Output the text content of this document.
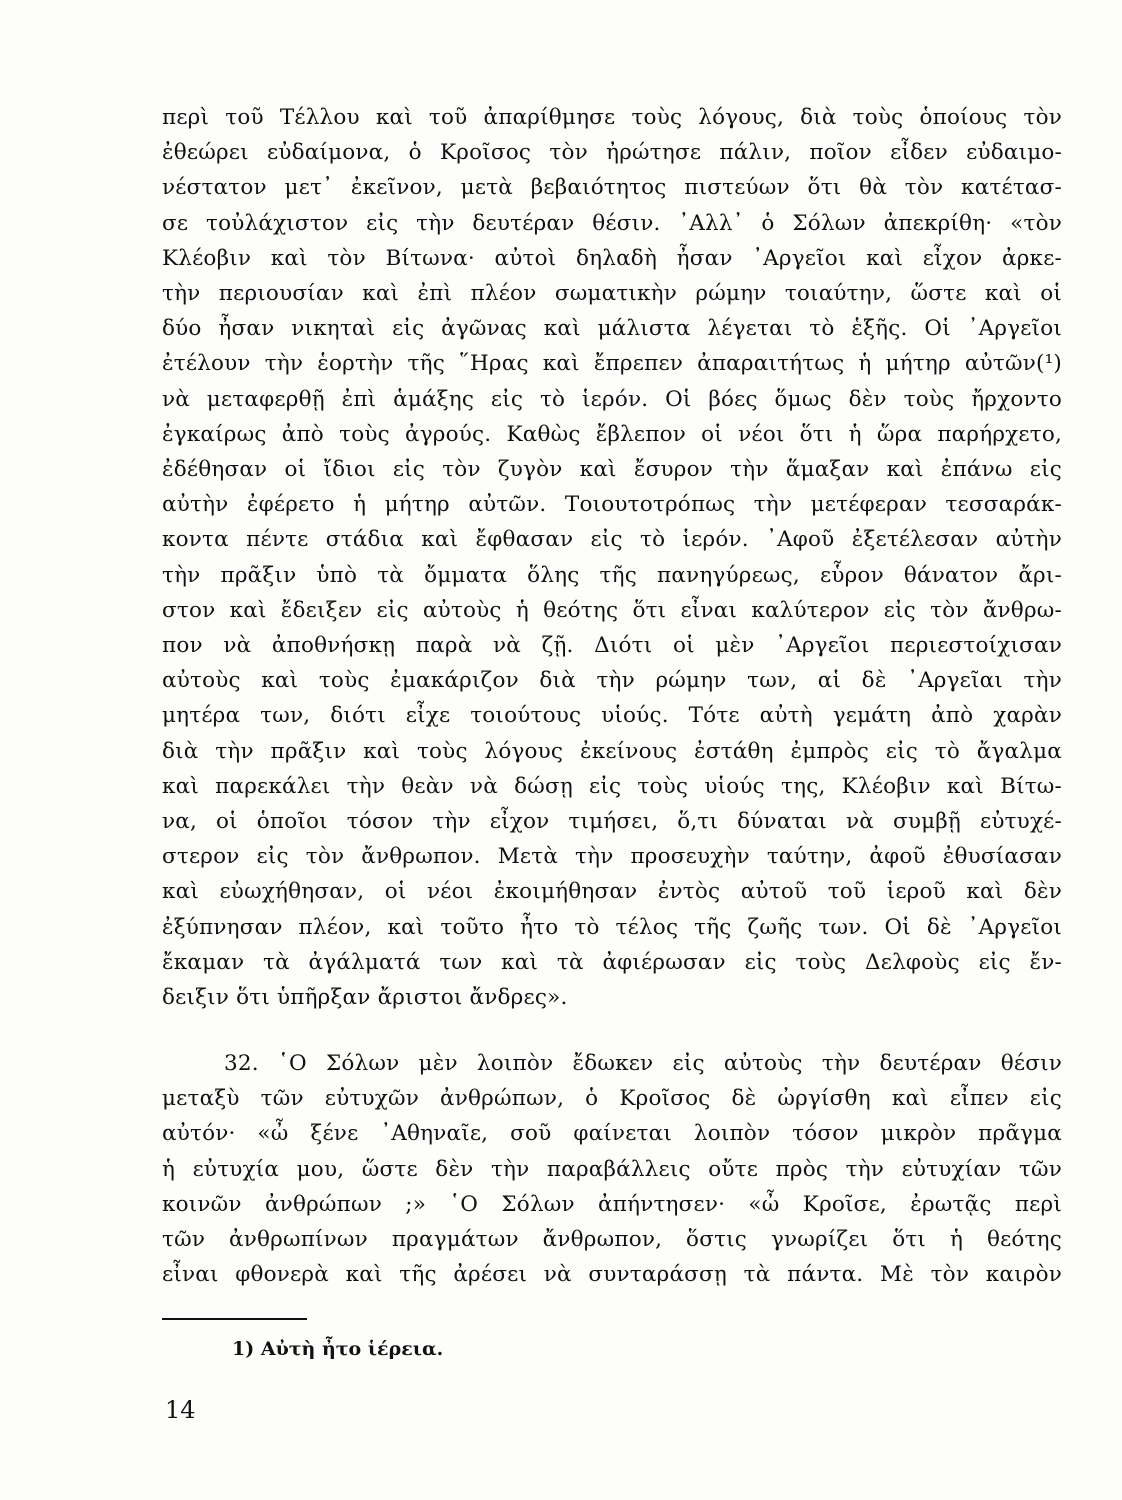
περὶ τοῦ Τέλλου καὶ τοῦ ἀπαρίθμησε τοὺς λόγους, διὰ τοὺς ὁποίους τὸν
ἐθεώρει εὐδαίμονα, ὁ Κροῖσος τὸν ἠρώτησε πάλιν, ποῖον εἶδεν εὐδαιμο-
νέστατον μετ᾿ ἐκεῖνον, μετὰ βεβαιότητος πιστεύων ὅτι θὰ τὸν κατέτασ-
σε τοὐλάχιστον εἰς τὴν δευτέραν θέσιν. ᾿Αλλ᾿ ὁ Σόλων ἀπεκρίθη· «τὸν
Κλέοβιν καὶ τὸν Βίτωνα· αὐτοὶ δηλαδὴ ἦσαν ᾿Αργεῖοι καὶ εἶχον ἀρκε-
τὴν περιουσίαν καὶ ἐπὶ πλέον σωματικὴν ρώμην τοιαύτην, ὥστε καὶ οἱ
δύο ἦσαν νικηταὶ εἰς ἀγῶνας καὶ μάλιστα λέγεται τὸ ἑξῆς. Οἱ ᾿Αργεῖοι
ἐτέλουν τὴν ἑορτὴν τῆς ῞Ηρας καὶ ἔπρεπεν ἀπαραιτήτως ἡ μήτηρ αὐτῶν(¹)
νὰ μεταφερθῇ ἐπὶ ἁμάξης εἰς τὸ ἱερόν. Οἱ βόες ὅμως δὲν τοὺς ἤρχοντο
ἐγκαίρως ἀπὸ τοὺς ἀγρούς. Καθὼς ἔβλεπον οἱ νέοι ὅτι ἡ ὥρα παρήρχετο,
ἐδέθησαν οἱ ἴδιοι εἰς τὸν ζυγὸν καὶ ἔσυρον τὴν ἅμαξαν καὶ ἐπάνω εἰς
αὐτὴν ἐφέρετο ἡ μήτηρ αὐτῶν. Τοιουτοτρόπως τὴν μετέφεραν τεσσαράκ-
κοντα πέντε στάδια καὶ ἔφθασαν εἰς τὸ ἱερόν. ᾿Αφοῦ ἐξετέλεσαν αὐτὴν
τὴν πρᾶξιν ὑπὸ τὰ ὄμματα ὅλης τῆς πανηγύρεως, εὗρον θάνατον ἄρι-
στον καὶ ἔδειξεν εἰς αὐτοὺς ἡ θεότης ὅτι εἶναι καλύτερον εἰς τὸν ἄνθρω-
πον νὰ ἀποθνήσκῃ παρὰ νὰ ζῇ. Διότι οἱ μὲν ᾿Αργεῖοι περιεστοίχισαν
αὐτοὺς καὶ τοὺς ἐμακάριζον διὰ τὴν ρώμην των, αἱ δὲ ᾿Αργεῖαι τὴν
μητέρα των, διότι εἶχε τοιούτους υἱούς. Τότε αὐτὴ γεμάτη ἀπὸ χαρὰν
διὰ τὴν πρᾶξιν καὶ τοὺς λόγους ἐκείνους ἐστάθη ἐμπρὸς εἰς τὸ ἄγαλμα
καὶ παρεκάλει τὴν θεὰν νὰ δώσῃ εἰς τοὺς υἱούς της, Κλέοβιν καὶ Βίτω-
να, οἱ ὁποῖοι τόσον τὴν εἶχον τιμήσει, ὅ,τι δύναται νὰ συμβῇ εὐτυχέ-
στερον εἰς τὸν ἄνθρωπον. Μετὰ τὴν προσευχὴν ταύτην, ἀφοῦ ἐθυσίασαν
καὶ εὐωχήθησαν, οἱ νέοι ἐκοιμήθησαν ἐντὸς αὐτοῦ τοῦ ἱεροῦ καὶ δὲν
ἐξύπνησαν πλέον, καὶ τοῦτο ἦτο τὸ τέλος τῆς ζωῆς των. Οἱ δὲ ᾿Αργεῖοι
ἔκαμαν τὰ ἀγάλματά των καὶ τὰ ἀφιέρωσαν εἰς τοὺς Δελφοὺς εἰς ἔν-
δειξιν ὅτι ὑπῆρξαν ἄριστοι ἄνδρες».
32. ῾Ο Σόλων μὲν λοιπὸν ἔδωκεν εἰς αὐτοὺς τὴν δευτέραν θέσιν
μεταξὺ τῶν εὐτυχῶν ἀνθρώπων, ὁ Κροῖσος δὲ ὠργίσθη καὶ εἶπεν εἰς
αὐτόν· «ὦ ξένε ᾿Αθηναῖε, σοῦ φαίνεται λοιπὸν τόσον μικρὸν πρᾶγμα
ἡ εὐτυχία μου, ὥστε δὲν τὴν παραβάλλεις οὔτε πρὸς τὴν εὐτυχίαν τῶν
κοινῶν ἀνθρώπων ;» ῾Ο Σόλων ἀπήντησεν· «ὦ Κροῖσε, ἐρωτᾷς περὶ
τῶν ἀνθρωπίνων πραγμάτων ἄνθρωπον, ὅστις γνωρίζει ὅτι ἡ θεότης
εἶναι φθονερὰ καὶ τῆς ἀρέσει νὰ συνταράσσῃ τὰ πάντα. Μὲ τὸν καιρὸν
1) Αὐτὴ ἦτο ἱέρεια.
14
